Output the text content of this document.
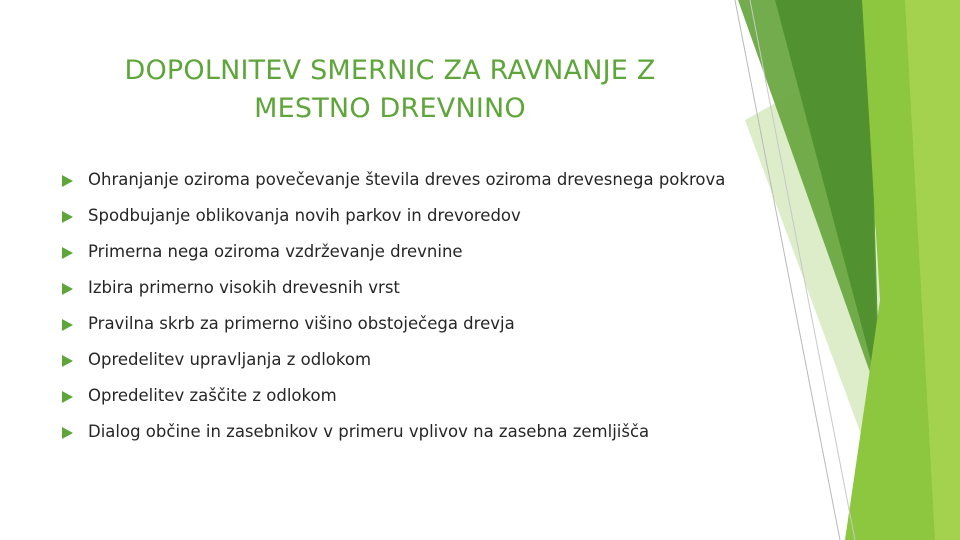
DOPOLNITEV SMERNIC ZA RAVNANJE Z
MESTNO DREVNINO
Ohranjanje oziroma povečevanje števila dreves oziroma drevesnega pokrova
Spodbujanje oblikovanja novih parkov in drevoredov
Primerna nega oziroma vzdrževanje drevnine
Izbira primerno visokih drevesnih vrst
Pravilna skrb za primerno višino obstoječega drevja
Opredelitev upravljanja z odlokom
Opredelitev zaščite z odlokom
Dialog občine in zasebnikov v primeru vplivov na zasebna zemljišča
